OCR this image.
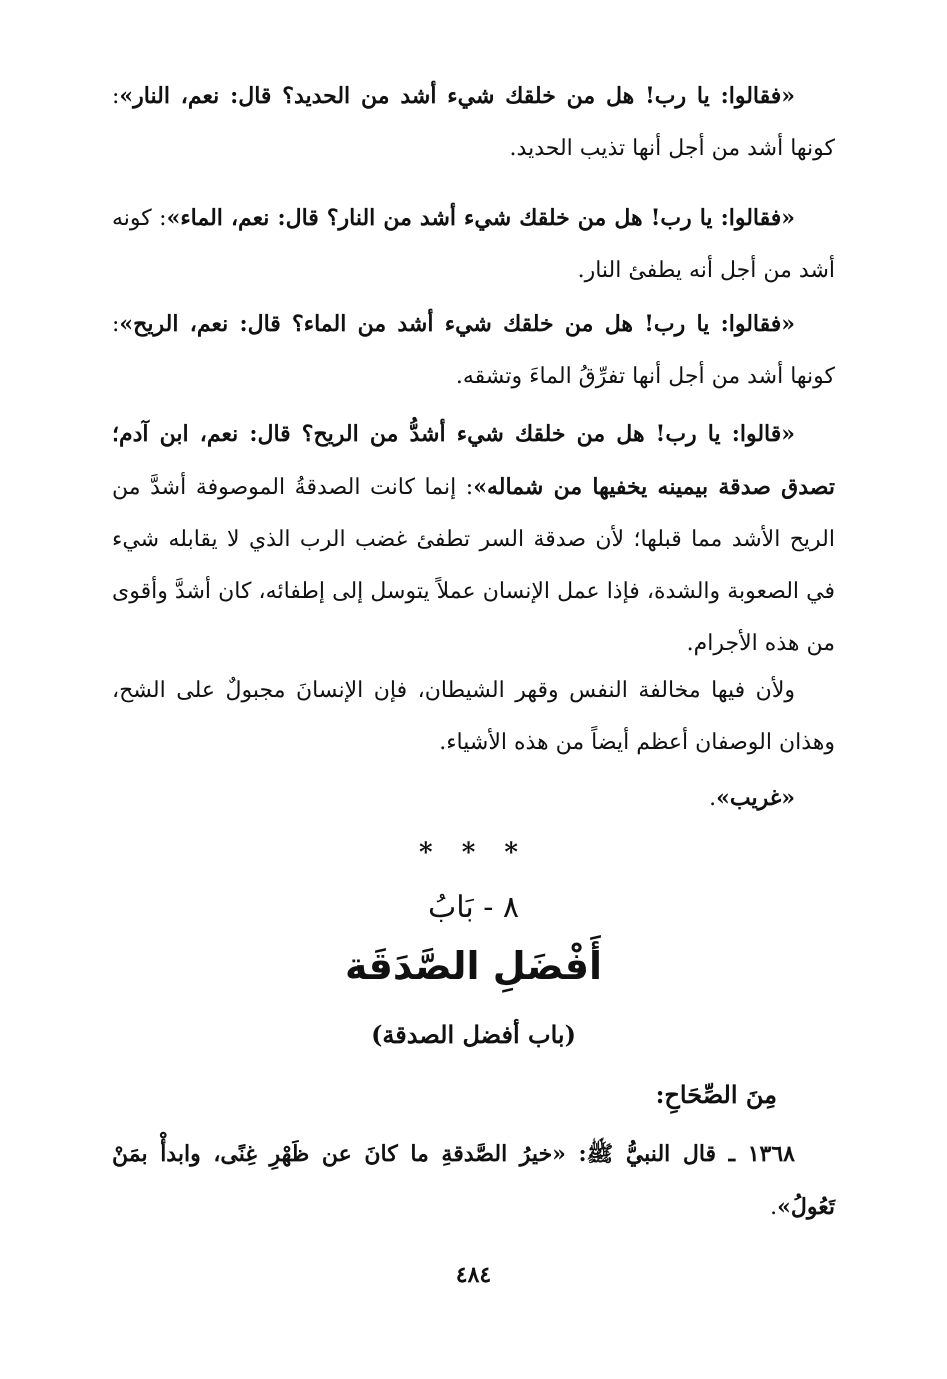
«فقالوا: يا رب! هل من خلقك شيء أشد من الحديد؟ قال: نعم، النار»: كونها أشد من أجل أنها تذيب الحديد.

«فقالوا: يا رب! هل من خلقك شيء أشد من النار؟ قال: نعم، الماء»: كونه أشد من أجل أنه يطفئ النار.

«فقالوا: يا رب! هل من خلقك شيء أشد من الماء؟ قال: نعم، الريح»: كونها أشد من أجل أنها تفرِّقُ الماءَ وتشقه.

«قالوا: يا رب! هل من خلقك شيء أشدُّ من الريح؟ قال: نعم، ابن آدم؛ تصدق صدقة بيمينه يخفيها من شماله»: إنما كانت الصدقةُ الموصوفة أشدَّ من الريح الأشد مما قبلها؛ لأن صدقة السر تطفئ غضب الرب الذي لا يقابله شيء في الصعوبة والشدة، فإذا عمل الإنسان عملاً يتوسل إلى إطفائه، كان أشدَّ وأقوى من هذه الأجرام.

ولأن فيها مخالفة النفس وقهر الشيطان، فإن الإنسانَ مجبولٌ على الشح، وهذان الوصفان أعظم أيضاً من هذه الأشياء.

«غريب».

* * *
٨ - بَابُ
أَفْضَلِ الصَّدَقَة
(باب أفضل الصدقة)
مِنَ الصِّحَاحِ:

١٣٦٨ ـ قال النبيُّ ﷺ: «خيرُ الصَّدقةِ ما كانَ عن ظَهْرِ غِنًى، وابدأْ بمَنْ تَعُولُ».

٤٨٤
